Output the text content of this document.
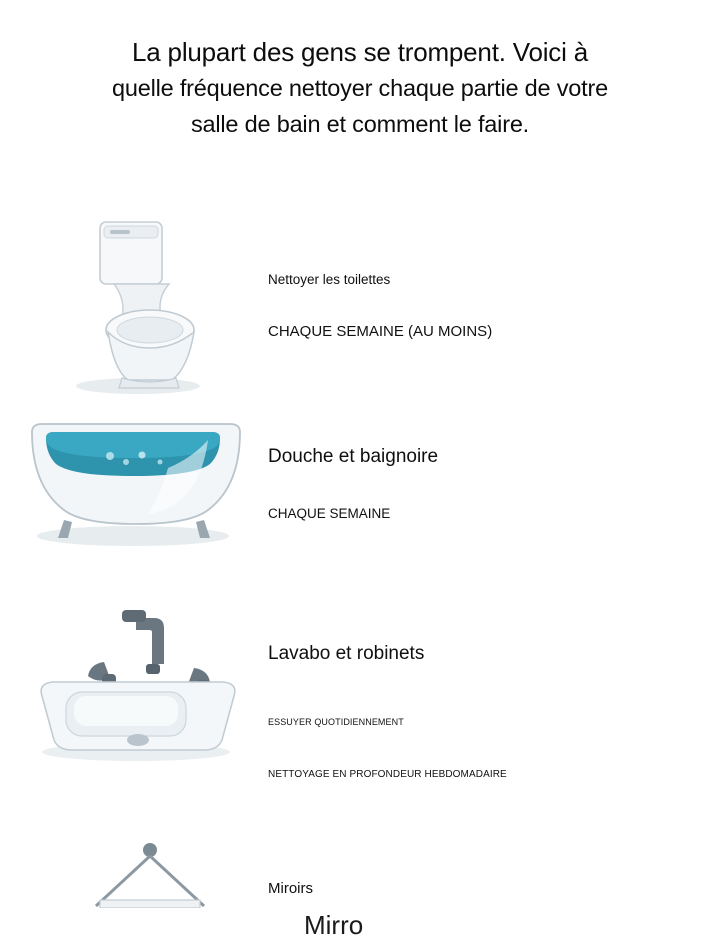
La plupart des gens se trompent. Voici à
quelle fréquence nettoyer chaque partie de votre
salle de bain et comment le faire.

Nettoyer les toilettes

CHAQUE SEMAINE (AU MOINS)

Douche et baignoire

CHAQUE SEMAINE

Lavabo et robinets

ESSUYER QUOTIDIENNEMENT

NETTOYAGE EN PROFONDEUR HEBDOMADAIRE

Miroirs

Mirro
